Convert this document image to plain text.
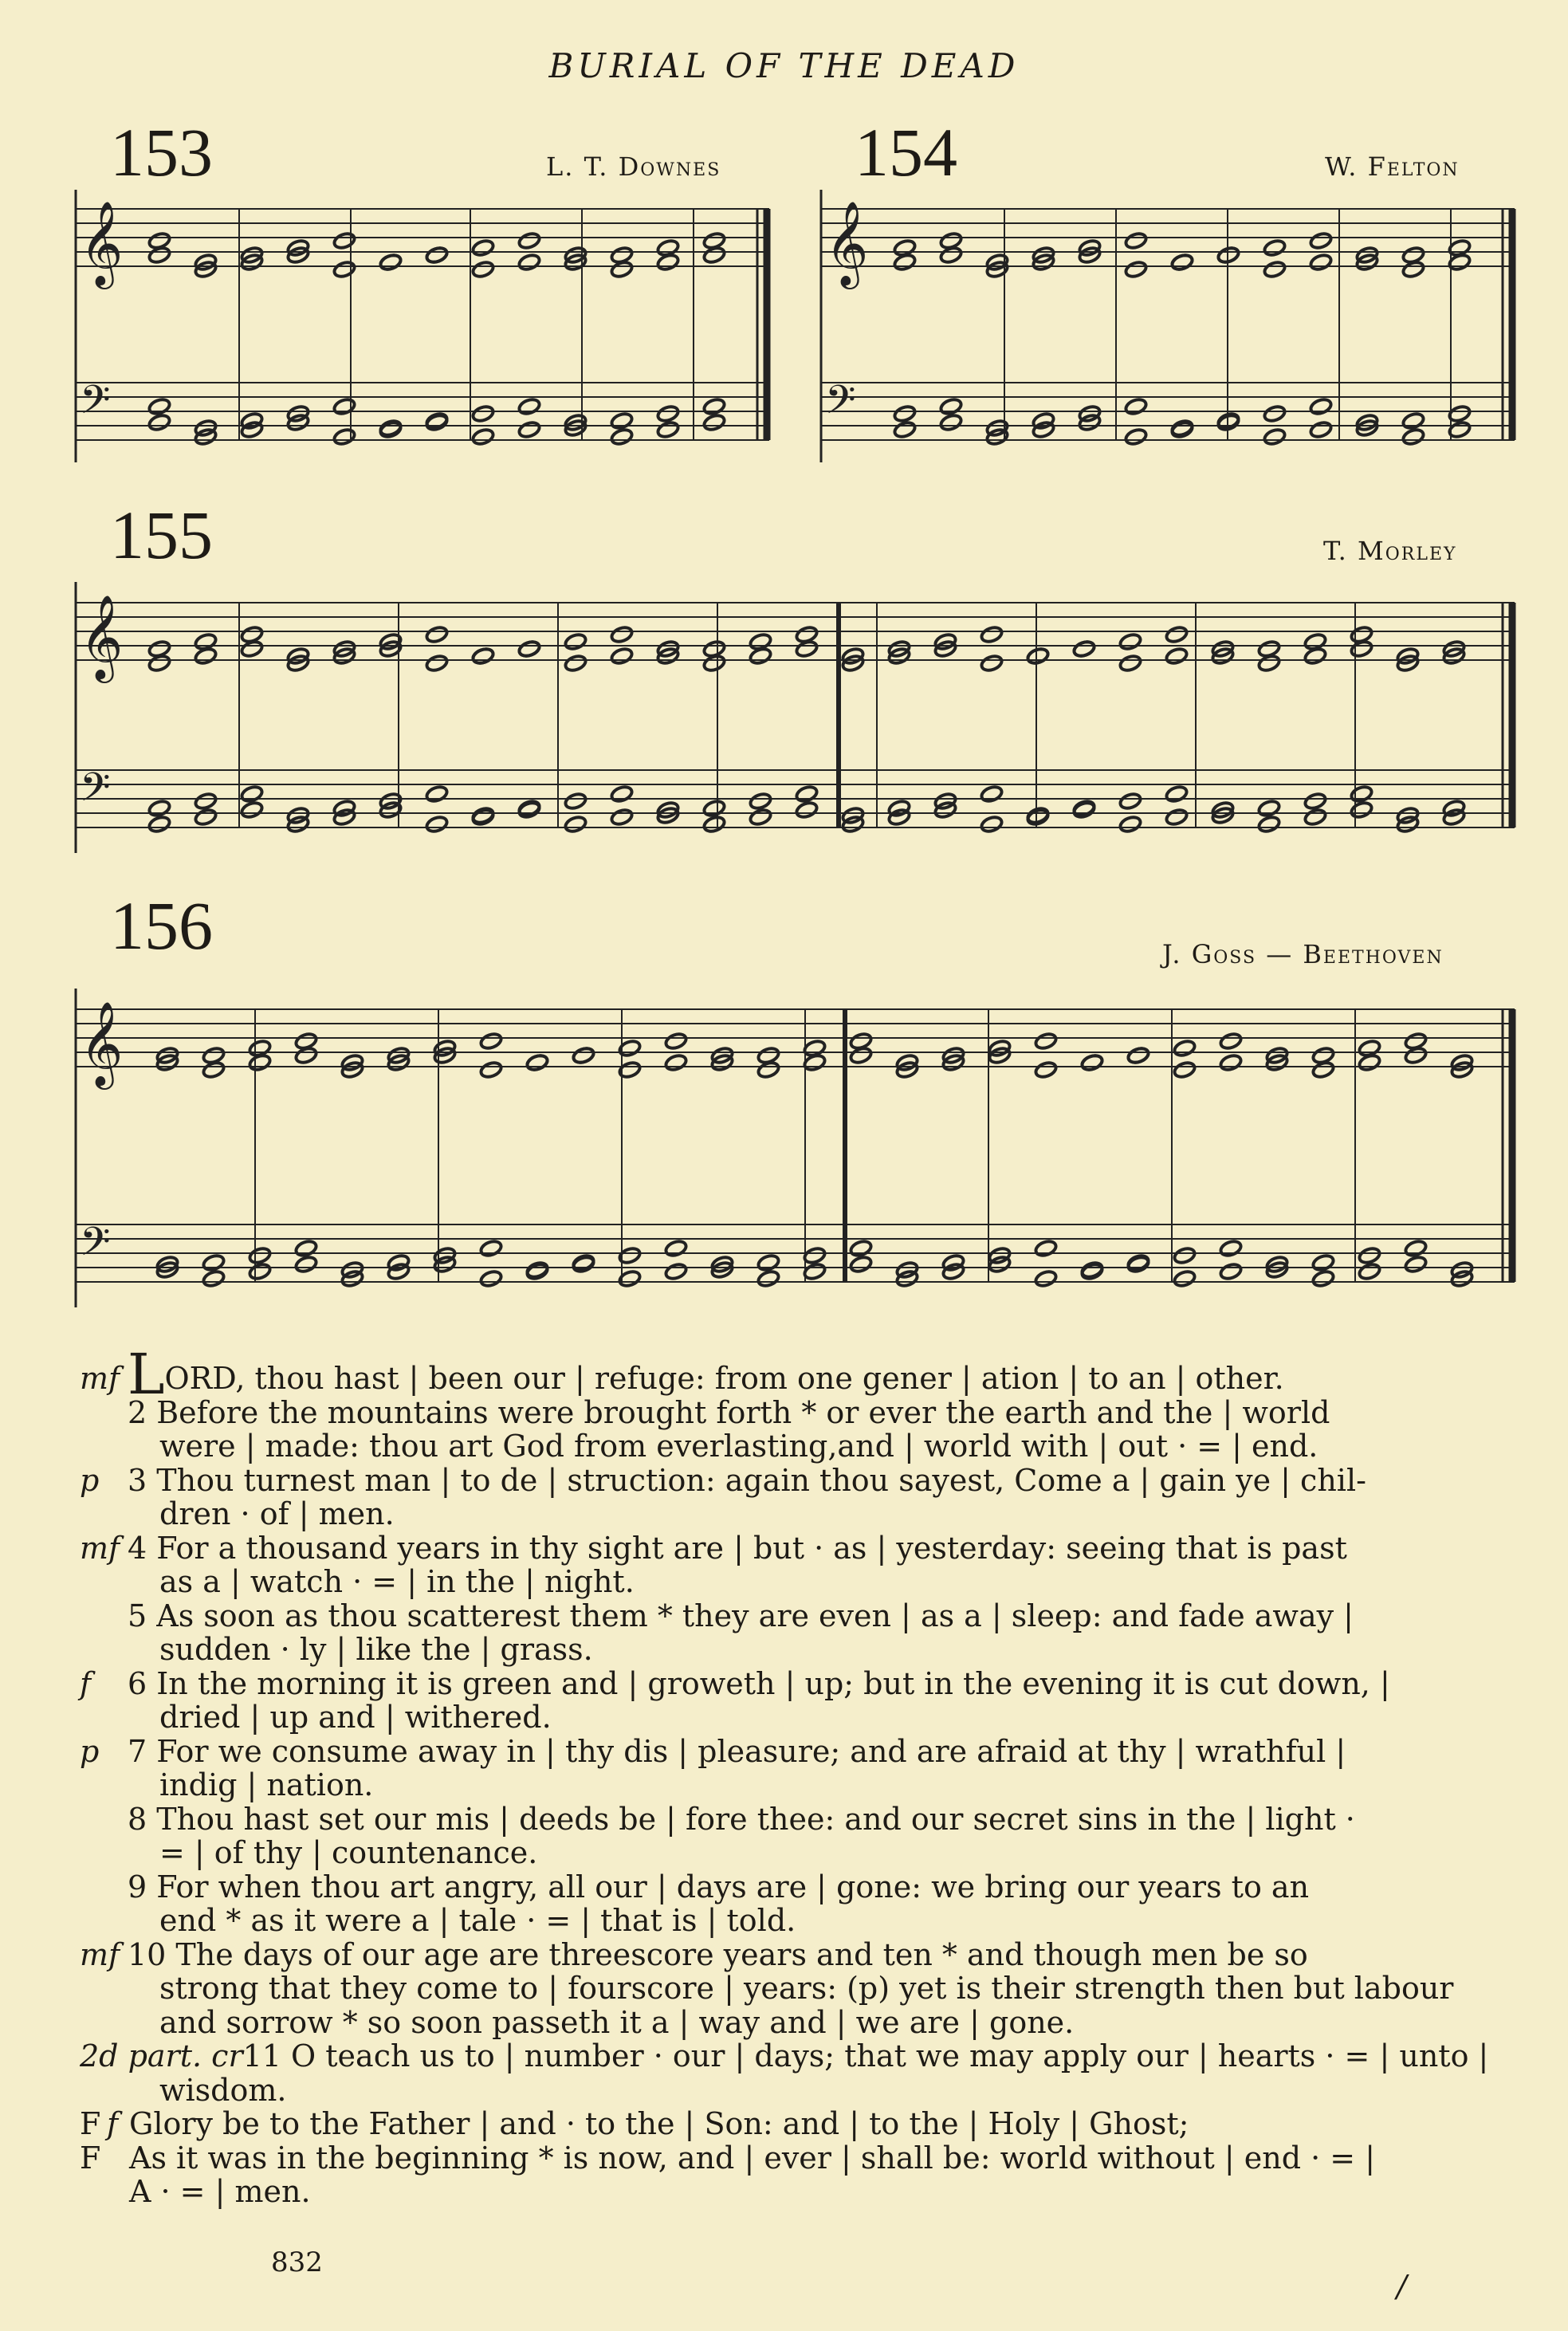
BURIAL OF THE DEAD
153	L. T. Downes 154	W. Felton
155	T. Morley
156	J. Goss — Beethoven
𝄞
𝄢
𝄞
𝄢
𝄞
𝄢
𝄞
𝄢
mf LORD, thou hast | been our | refuge: from one gener | ation | to an | other.
2 Before the mountains were brought forth * or ever the earth and the | world
were | made: thou art God from everlasting,and | world with | out · = | end.
p 3 Thou turnest man | to de | struction: again thou sayest, Come a | gain ye | chil-
dren · of | men.
mf 4 For a thousand years in thy sight are | but · as | yesterday: seeing that is past
as a | watch · = | in the | night.
5 As soon as thou scatterest them * they are even | as a | sleep: and fade away |
sudden · ly | like the | grass.
f 6 In the morning it is green and | groweth | up; but in the evening it is cut down, |
dried | up and | withered.
p 7 For we consume away in | thy dis | pleasure; and are afraid at thy | wrathful |
indig | nation.
8 Thou hast set our mis | deeds be | fore thee: and our secret sins in the | light ·
= | of thy | countenance.
9 For when thou art angry, all our | days are | gone: we bring our years to an
end * as it were a | tale · = | that is | told.
mf 10 The days of our age are threescore years and ten * and though men be so
strong that they come to | fourscore | years: (p) yet is their strength then but labour
and sorrow * so soon passeth it a | way and | we are | gone.
2d part. cr11 O teach us to | number · our | days; that we may apply our | hearts · = | unto |
wisdom.
F f Glory be to the Father | and · to the | Son: and | to the | Holy | Ghost;
F As it was in the beginning * is now, and | ever | shall be: world without | end · = |
A · = | men.
832
/
